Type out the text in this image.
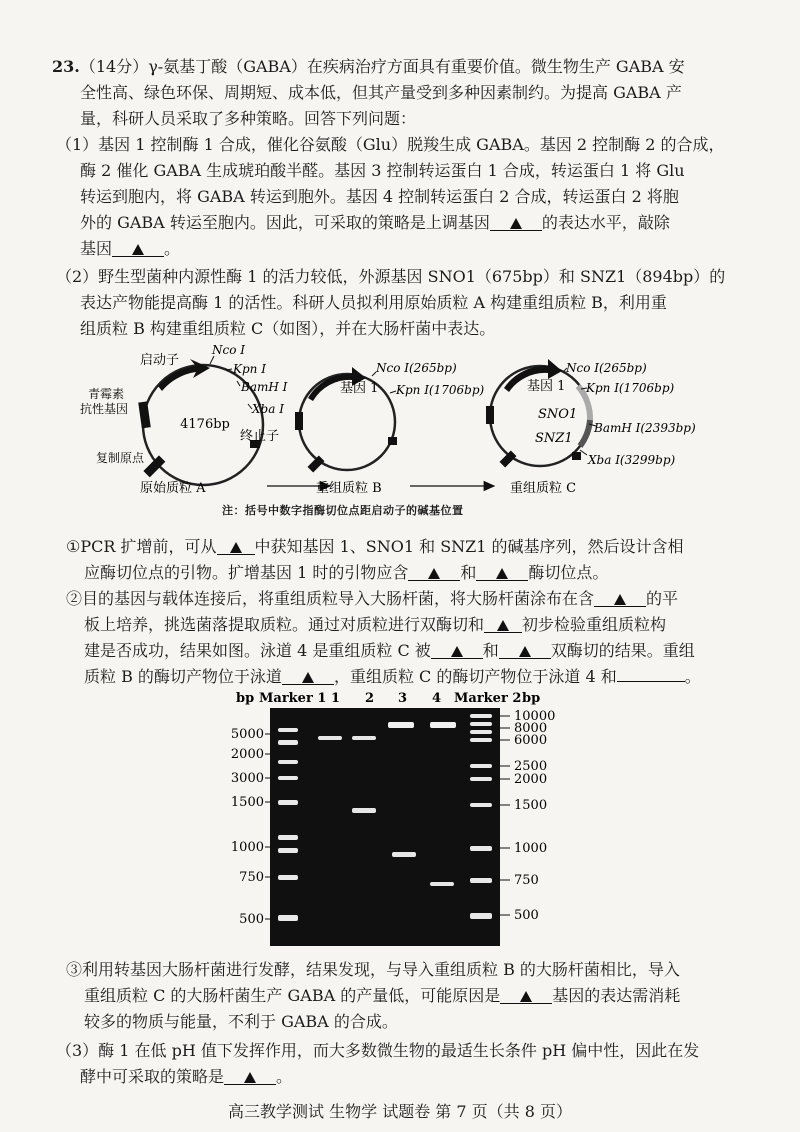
23.（14分）γ-氨基丁酸（GABA）在疾病治疗方面具有重要价值。微生物生产 GABA 安
全性高、绿色环保、周期短、成本低，但其产量受到多种因素制约。为提高 GABA 产
量，科研人员采取了多种策略。回答下列问题：
（1）基因 1 控制酶 1 合成，催化谷氨酸（Glu）脱羧生成 GABA。基因 2 控制酶 2 的合成，
酶 2 催化 GABA 生成琥珀酸半醛。基因 3 控制转运蛋白 1 合成，转运蛋白 1 将 Glu
转运到胞内，将 GABA 转运到胞外。基因 4 控制转运蛋白 2 合成，转运蛋白 2 将胞
外的 GABA 转运至胞内。因此，可采取的策略是上调基因	的表达水平，敲除
基因	。
（2）野生型菌种内源性酶 1 的活力较低，外源基因 SNO1（675bp）和 SNZ1（894bp）的
表达产物能提高酶 1 的活性。科研人员拟利用原始质粒 A 构建重组质粒 B，利用重
组质粒 B 构建重组质粒 C（如图），并在大肠杆菌中表达。
4176bp
启动子
青霉素
抗性基因
复制原点
终止子
Nco Ⅰ
Kpn Ⅰ
BamH Ⅰ
Xba Ⅰ
原始质粒 A
基因 1
Nco Ⅰ(265bp)
Kpn Ⅰ(1706bp)
重组质粒 B
基因 1
SNO1
SNZ1
Nco Ⅰ(265bp)
Kpn Ⅰ(1706bp)
BamH Ⅰ(2393bp)
Xba Ⅰ(3299bp)
重组质粒 C
注：括号中数字指酶切位点距启动子的碱基位置
①PCR 扩增前，可从 中获知基因 1、SNO1 和 SNZ1 的碱基序列，然后设计含相
应酶切位点的引物。扩增基因 1 时的引物应含	和	酶切位点。
②目的基因与载体连接后，将重组质粒导入大肠杆菌，将大肠杆菌涂布在含	的平
板上培养，挑选菌落提取质粒。通过对质粒进行双酶切和 初步检验重组质粒构
建是否成功，结果如图。泳道 4 是重组质粒 C 被	和	双酶切的结果。重组
质粒 B 的酶切产物位于泳道	，重组质粒 C 的酶切产物位于泳道 4 和	。
bp Marker 1 1 2 3 4 Marker 2 bp
5000
3000
2000
1500
1000
750
500
10000
8000
6000
2500
2000
1500
1000
750
500
③利用转基因大肠杆菌进行发酵，结果发现，与导入重组质粒 B 的大肠杆菌相比，导入
重组质粒 C 的大肠杆菌生产 GABA 的产量低，可能原因是	基因的表达需消耗
较多的物质与能量，不利于 GABA 的合成。
（3）酶 1 在低 pH 值下发挥作用，而大多数微生物的最适生长条件 pH 偏中性，因此在发
酵中可采取的策略是	。
高三教学测试 生物学 试题卷 第 7 页（共 8 页）
